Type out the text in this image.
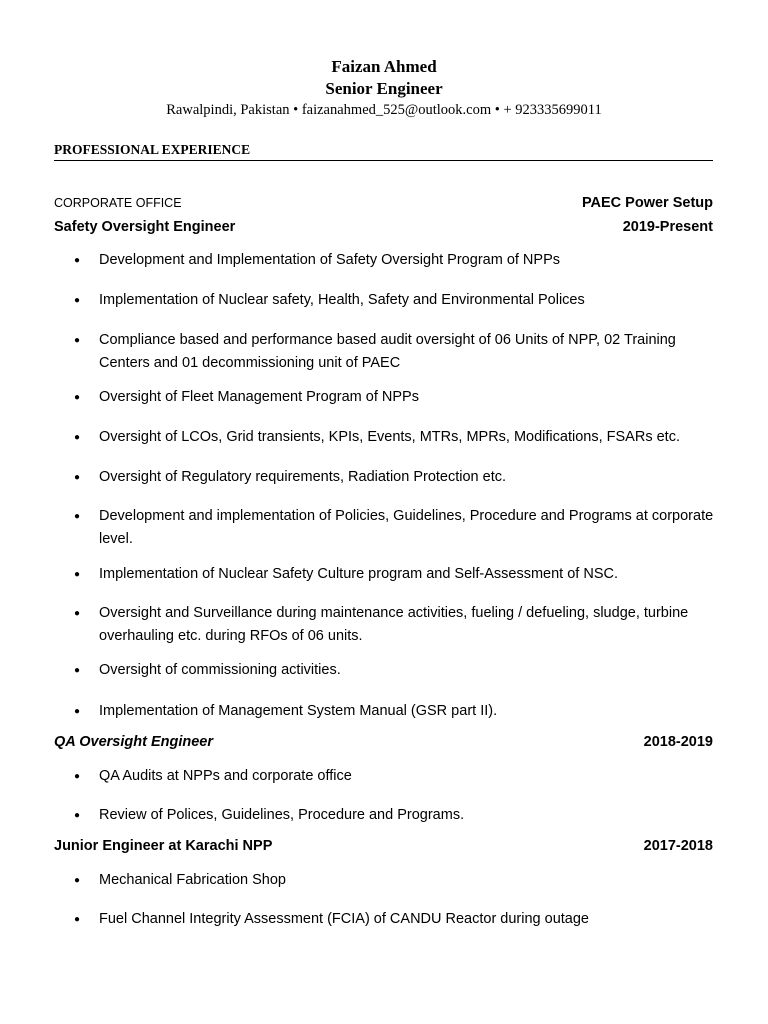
Faizan Ahmed
Senior Engineer
Rawalpindi, Pakistan • faizanahmed_525@outlook.com • + 923335699011
PROFESSIONAL EXPERIENCE
CORPORATE OFFICE	PAEC Power Setup
Safety Oversight Engineer	2019-Present
● Development and Implementation of Safety Oversight Program of NPPs
● Implementation of Nuclear safety, Health, Safety and Environmental Polices
● Compliance based and performance based audit oversight of 06 Units of NPP, 02 Training Centers and 01 decommissioning unit of PAEC
● Oversight of Fleet Management Program of NPPs
● Oversight of LCOs, Grid transients, KPIs, Events, MTRs, MPRs, Modifications, FSARs etc.
● Oversight of Regulatory requirements, Radiation Protection etc.
● Development and implementation of Policies, Guidelines, Procedure and Programs at corporate level.
● Implementation of Nuclear Safety Culture program and Self-Assessment of NSC.
● Oversight and Surveillance during maintenance activities, fueling / defueling, sludge, turbine overhauling etc. during RFOs of 06 units.
● Oversight of commissioning activities.
● Implementation of Management System Manual (GSR part II).
QA Oversight Engineer	2018-2019
● QA Audits at NPPs and corporate office
● Review of Polices, Guidelines, Procedure and Programs.
Junior Engineer at Karachi NPP	2017-2018
● Mechanical Fabrication Shop
● Fuel Channel Integrity Assessment (FCIA) of CANDU Reactor during outage
